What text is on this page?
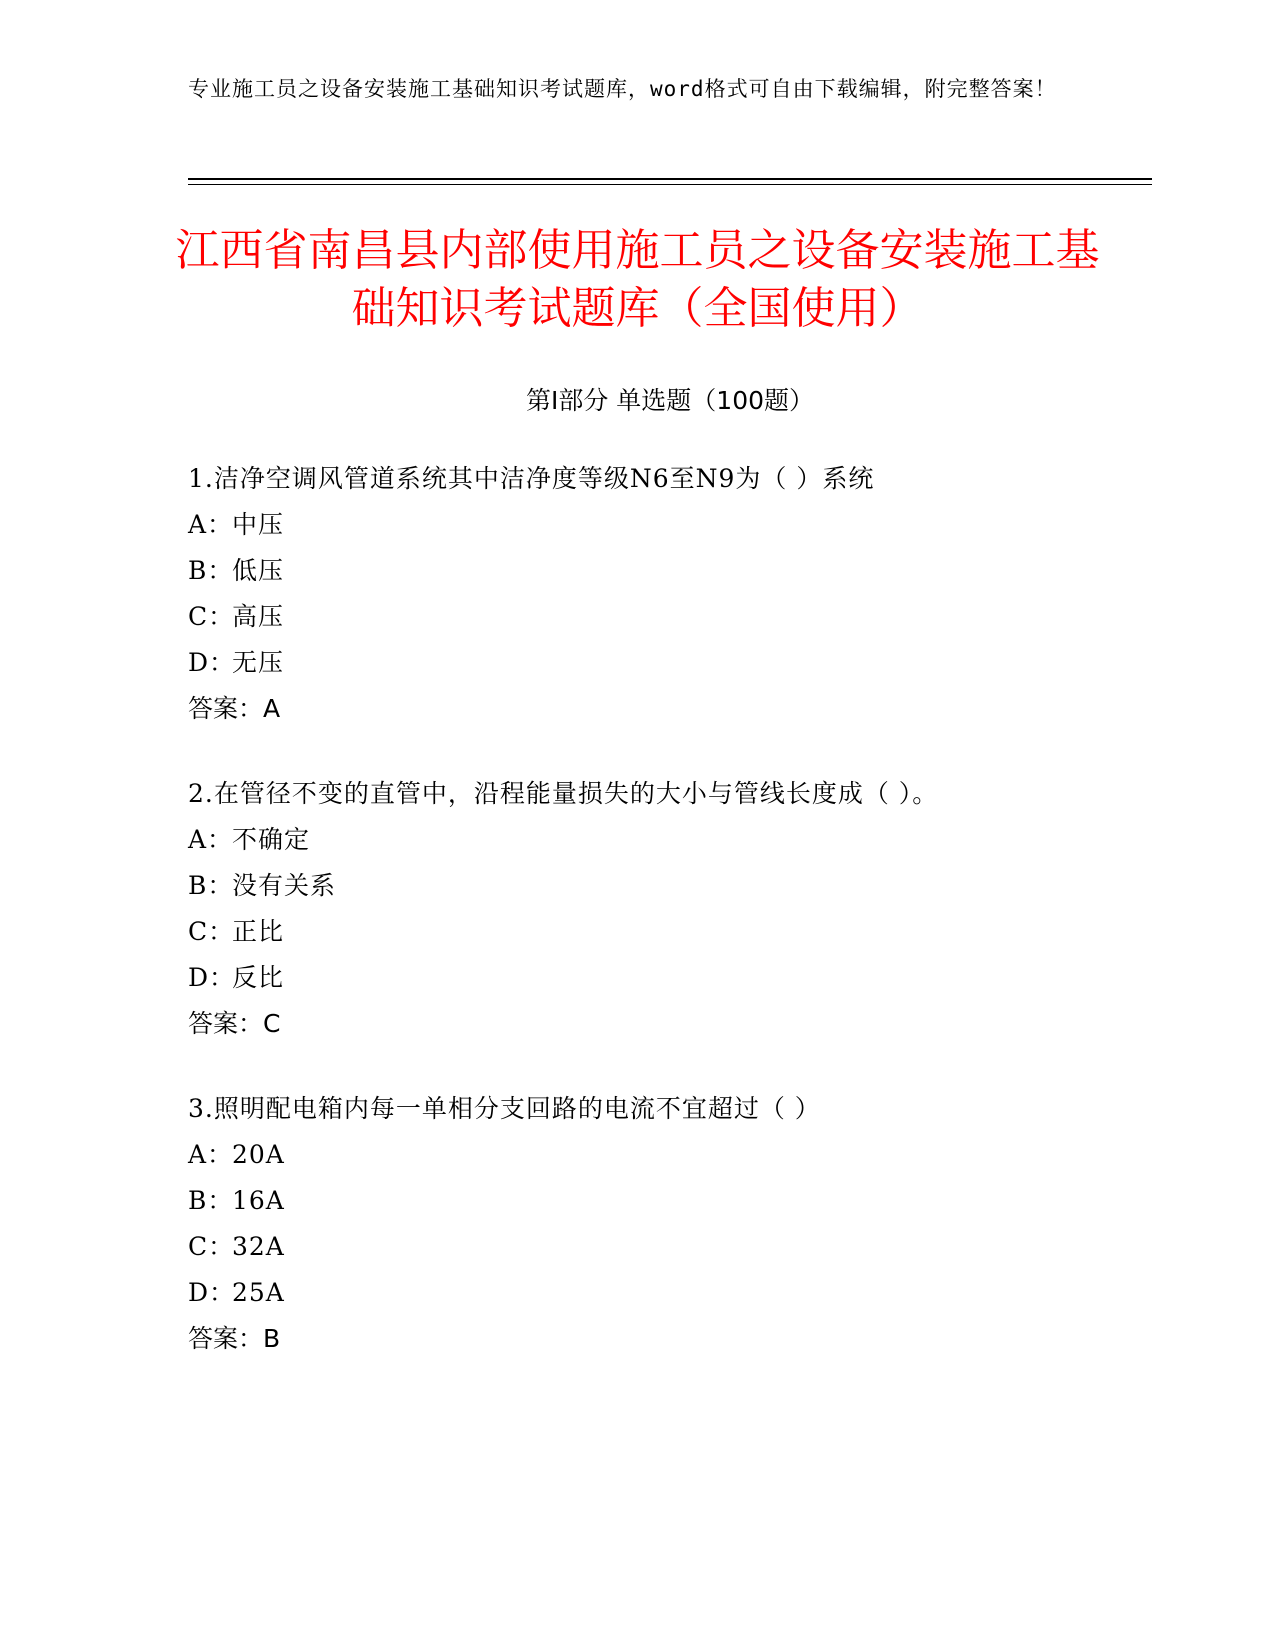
专业施工员之设备安装施工基础知识考试题库，word格式可自由下载编辑，附完整答案！
江西省南昌县内部使用施工员之设备安装施工基础知识考试题库（全国使用）
第Ⅰ部分 单选题（100题）
1.洁净空调风管道系统其中洁净度等级N6至N9为（ ）系统
A：中压
B：低压
C：高压
D：无压
答案：A
2.在管径不变的直管中，沿程能量损失的大小与管线长度成（ ）。
A：不确定
B：没有关系
C：正比
D：反比
答案：C
3.照明配电箱内每一单相分支回路的电流不宜超过（ ）
A：20A
B：16A
C：32A
D：25A
答案：B
